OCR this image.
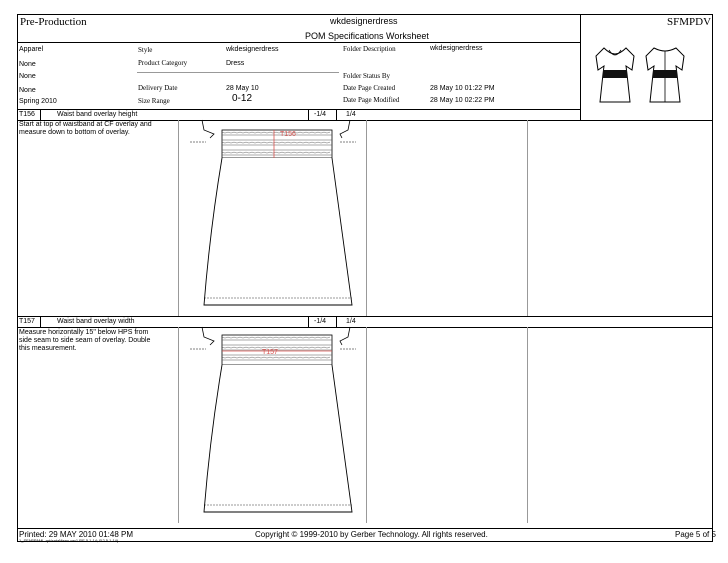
Pre-Production	wkdesignerdress
POM Specifications Worksheet
SFMPDV
Apparel
None
None
None
Spring 2010
Style	wkdesignerdress
Product Category	Dress
Delivery Date	28 May 10
Size Range	0-12
Folder Description	wkdesignerdress
Folder Status By
Date Page Created	28 May 10 01:22 PM
Date Page Modified	28 May 10 02:22 PM
T156	Waist band overlay height	-1/4	1/4
Start at top of waistband at CF overlay and measure down to bottom of overlay.	T156
T157	Waist band overlay width	-1/4	1/4
Measure horizontally 15" below HPS from side seam to side seam of overlay. Double this measurement.
T157
Printed: 29 MAY 2010 01:48 PM
1_SFARPAML.rpt/eataMenu.cer1.RE 5.1.14; P.2 5.1.14)
Copyright © 1999-2010 by Gerber Technology. All rights reserved.	Page 5 of 5
